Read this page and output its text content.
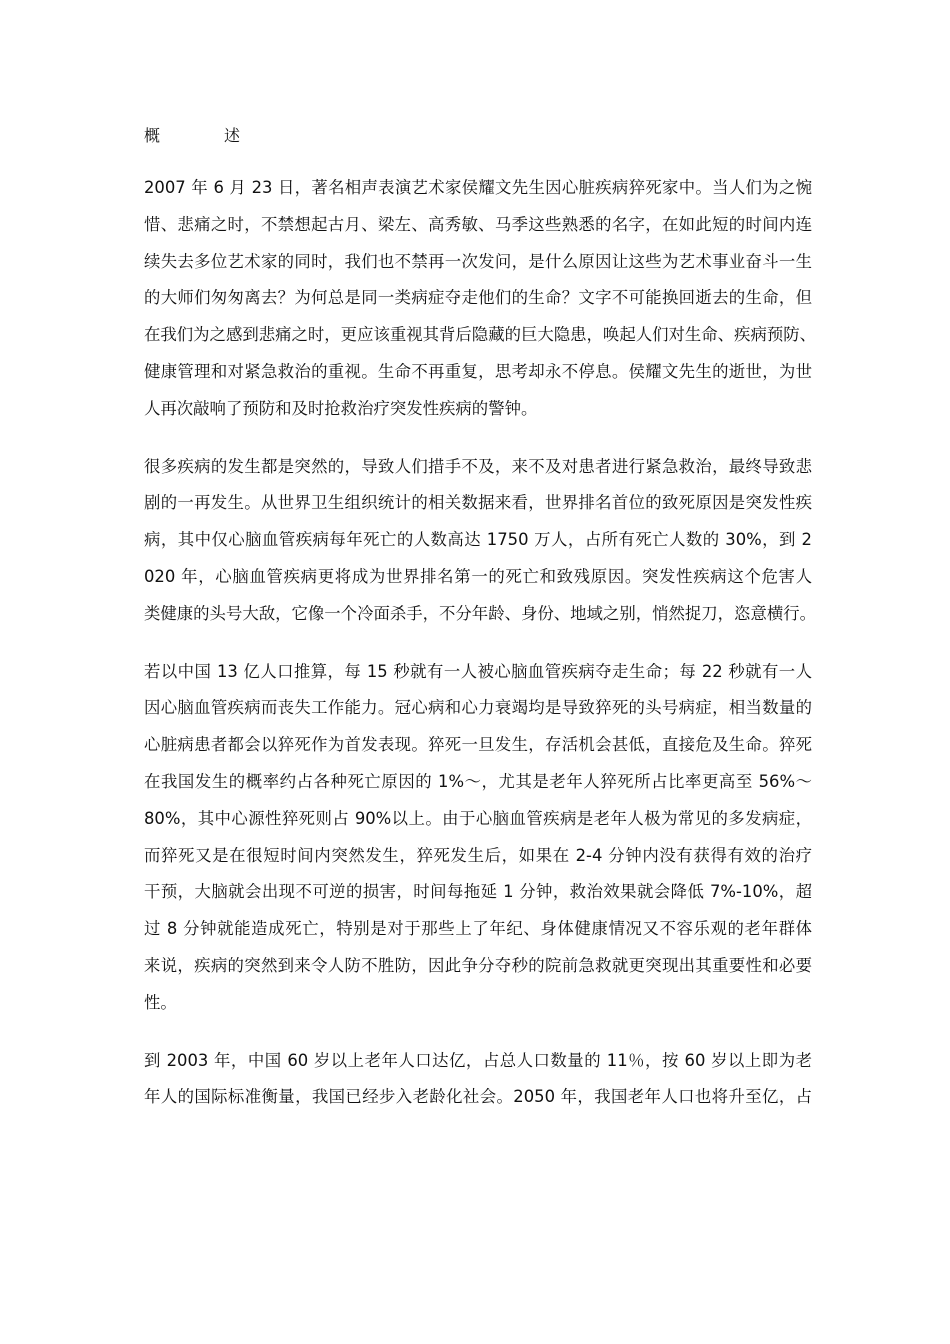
概　述
2007 年 6 月 23 日，著名相声表演艺术家侯耀文先生因心脏疾病猝死家中。当人们为之惋
惜、悲痛之时，不禁想起古月、梁左、高秀敏、马季这些熟悉的名字，在如此短的时间内连
续失去多位艺术家的同时，我们也不禁再一次发问，是什么原因让这些为艺术事业奋斗一生
的大师们匆匆离去？为何总是同一类病症夺走他们的生命？文字不可能换回逝去的生命，但
在我们为之感到悲痛之时，更应该重视其背后隐藏的巨大隐患，唤起人们对生命、疾病预防、
健康管理和对紧急救治的重视。生命不再重复，思考却永不停息。侯耀文先生的逝世，为世
人再次敲响了预防和及时抢救治疗突发性疾病的警钟。
很多疾病的发生都是突然的，导致人们措手不及，来不及对患者进行紧急救治，最终导致悲
剧的一再发生。从世界卫生组织统计的相关数据来看，世界排名首位的致死原因是突发性疾
病，其中仅心脑血管疾病每年死亡的人数高达 1750 万人，占所有死亡人数的 30%，到 2
020 年，心脑血管疾病更将成为世界排名第一的死亡和致残原因。突发性疾病这个危害人
类健康的头号大敌，它像一个冷面杀手，不分年龄、身份、地域之别，悄然捉刀，恣意横行。
若以中国 13 亿人口推算，每 15 秒就有一人被心脑血管疾病夺走生命；每 22 秒就有一人
因心脑血管疾病而丧失工作能力。冠心病和心力衰竭均是导致猝死的头号病症，相当数量的
心脏病患者都会以猝死作为首发表现。猝死一旦发生，存活机会甚低，直接危及生命。猝死
在我国发生的概率约占各种死亡原因的 1%～，尤其是老年人猝死所占比率更高至 56%～
80%，其中心源性猝死则占 90%以上。由于心脑血管疾病是老年人极为常见的多发病症，
而猝死又是在很短时间内突然发生，猝死发生后，如果在 2-4 分钟内没有获得有效的治疗
干预，大脑就会出现不可逆的损害，时间每拖延 1 分钟，救治效果就会降低 7%-10%，超
过 8 分钟就能造成死亡，特别是对于那些上了年纪、身体健康情况又不容乐观的老年群体
来说，疾病的突然到来令人防不胜防，因此争分夺秒的院前急救就更突现出其重要性和必要
性。
到 2003 年，中国 60 岁以上老年人口达亿，占总人口数量的 11％，按 60 岁以上即为老
年人的国际标准衡量，我国已经步入老龄化社会。2050 年，我国老年人口也将升至亿，占
